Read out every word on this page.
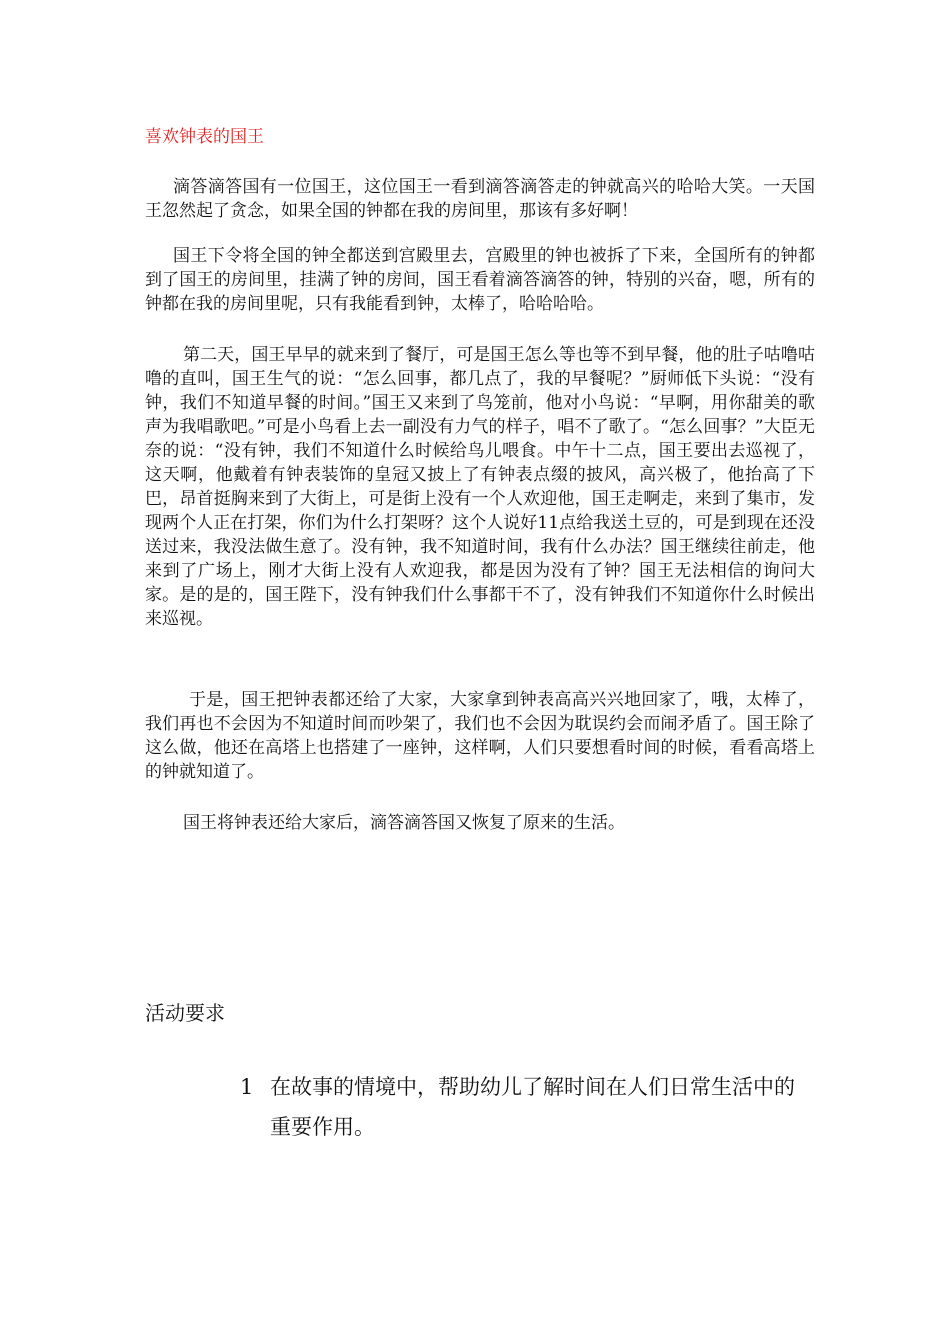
喜欢钟表的国王

滴答滴答国有一位国王，这位国王一看到滴答滴答走的钟就高兴的哈哈大笑。一天国王忽然起了贪念，如果全国的钟都在我的房间里，那该有多好啊！

国王下令将全国的钟全都送到宫殿里去，宫殿里的钟也被拆了下来，全国所有的钟都到了国王的房间里，挂满了钟的房间，国王看着滴答滴答的钟，特别的兴奋，嗯，所有的钟都在我的房间里呢，只有我能看到钟，太棒了，哈哈哈哈。

第二天，国王早早的就来到了餐厅，可是国王怎么等也等不到早餐，他的肚子咕噜咕噜的直叫，国王生气的说：“怎么回事，都几点了，我的早餐呢？”厨师低下头说：“没有钟，我们不知道早餐的时间。”国王又来到了鸟笼前，他对小鸟说：“早啊，用你甜美的歌声为我唱歌吧。”可是小鸟看上去一副没有力气的样子，唱不了歌了。“怎么回事？”大臣无奈的说：“没有钟，我们不知道什么时候给鸟儿喂食。中午十二点，国王要出去巡视了，这天啊，他戴着有钟表装饰的皇冠又披上了有钟表点缀的披风，高兴极了，他抬高了下巴，昂首挺胸来到了大街上，可是街上没有一个人欢迎他，国王走啊走，来到了集市，发现两个人正在打架，你们为什么打架呀？这个人说好11点给我送土豆的，可是到现在还没送过来，我没法做生意了。没有钟，我不知道时间，我有什么办法？国王继续往前走，他来到了广场上，刚才大街上没有人欢迎我，都是因为没有了钟？国王无法相信的询问大家。是的是的，国王陛下，没有钟我们什么事都干不了，没有钟我们不知道你什么时候出来巡视。

于是，国王把钟表都还给了大家，大家拿到钟表高高兴兴地回家了，哦，太棒了，我们再也不会因为不知道时间而吵架了，我们也不会因为耽误约会而闹矛盾了。国王除了这么做，他还在高塔上也搭建了一座钟，这样啊，人们只要想看时间的时候，看看高塔上的钟就知道了。

国王将钟表还给大家后，滴答滴答国又恢复了原来的生活。

活动要求
1 在故事的情境中，帮助幼儿了解时间在人们日常生活中的重要作用。
